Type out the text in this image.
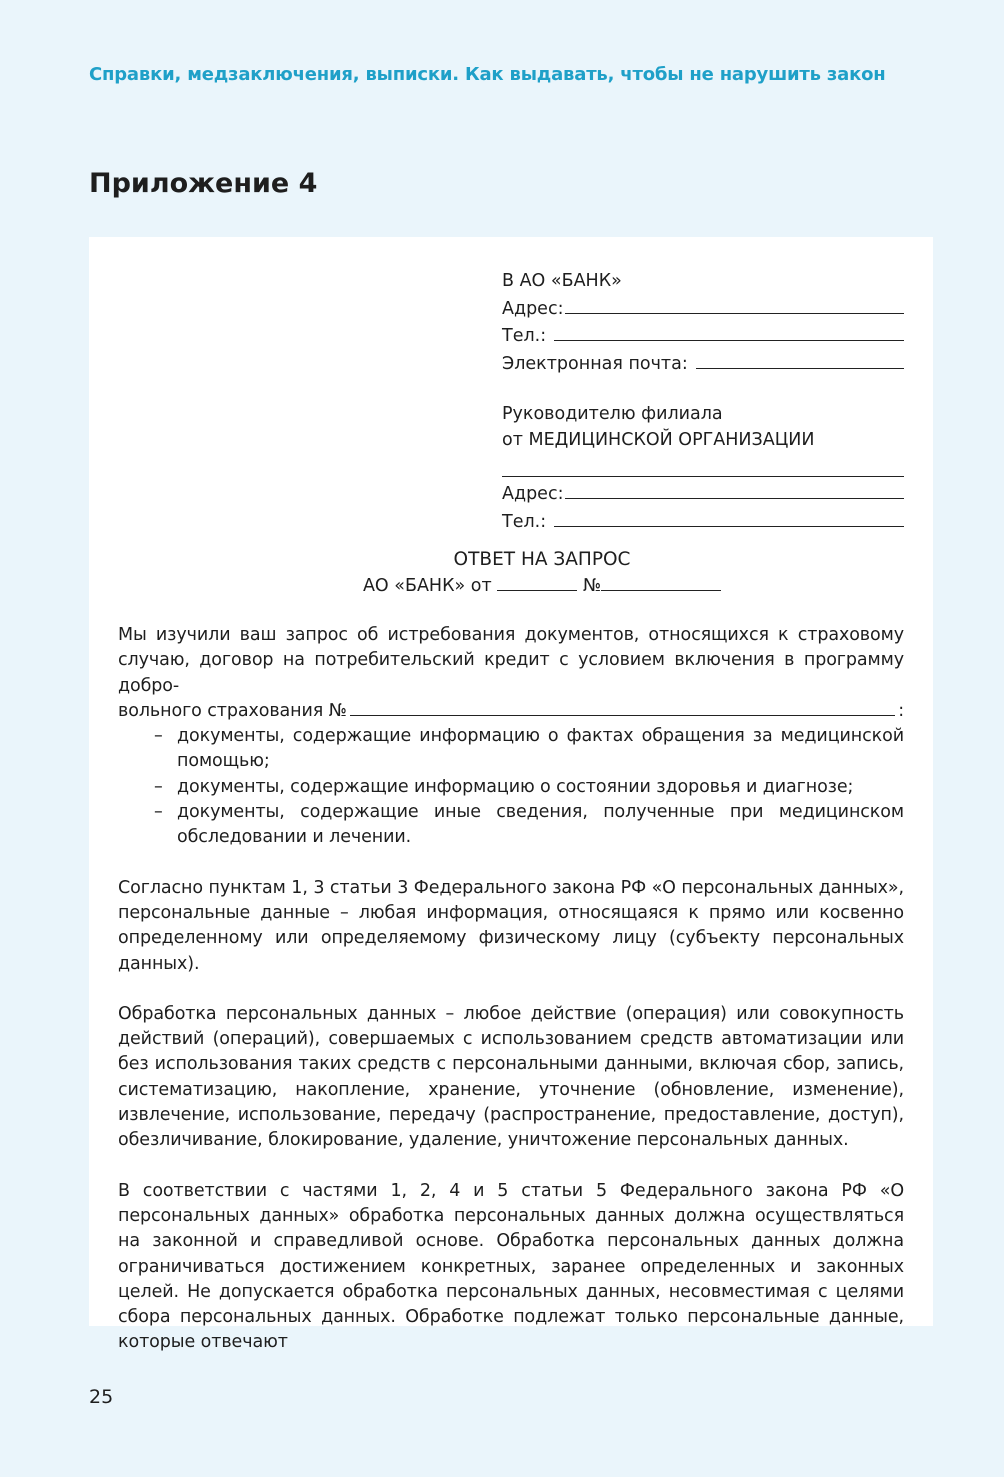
Справки, медзаключения, выписки. Как выдавать, чтобы не нарушить закон
Приложение 4
В АО «БАНК»
Адрес:
Тел.:
Электронная почта:
Руководителю филиала
от МЕДИЦИНСКОЙ ОРГАНИЗАЦИИ
Адрес:
Тел.:
ОТВЕТ НА ЗАПРОС
АО «БАНК» от	№

Мы изучили ваш запрос об истребования документов, относящихся к страховому случаю, договор на потребительский кредит с условием включения в программу добро-

вольного страхования №	:
– документы, содержащие информацию о фактах обращения за медицинской помощью;
– документы, содержащие информацию о состоянии здоровья и диагнозе;
– документы, содержащие иные сведения, полученные при медицинском обследовании и лечении.

Согласно пунктам 1, 3 статьи 3 Федерального закона РФ «О персональных данных», персональные данные – любая информация, относящаяся к прямо или косвенно определенному или определяемому физическому лицу (субъекту персональных данных).

Обработка персональных данных – любое действие (операция) или совокупность действий (операций), совершаемых с использованием средств автоматизации или без использования таких средств с персональными данными, включая сбор, запись, систематизацию, накопление, хранение, уточнение (обновление, изменение), извлечение, использование, передачу (распространение, предоставление, доступ), обезличивание, блокирование, удаление, уничтожение персональных данных.

В соответствии с частями 1, 2, 4 и 5 статьи 5 Федерального закона РФ «О персональных данных» обработка персональных данных должна осуществляться на законной и справедливой основе. Обработка персональных данных должна ограничиваться достижением конкретных, заранее определенных и законных целей. Не допускается обработка персональных данных, несовместимая с целями сбора персональных данных. Обработке подлежат только персональные данные, которые отвечают

25
